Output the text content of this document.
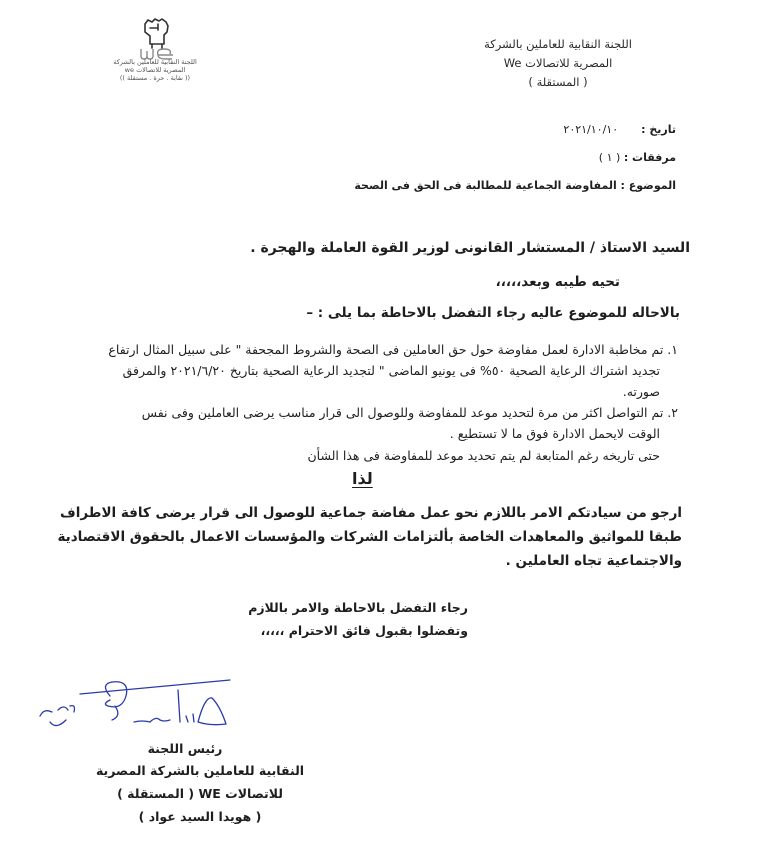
اللجنة النقابية للعاملين بالشركة
المصرية للاتصالات We
( المستقلة )
اللجنة النقابية للعاملين بالشركة
المصرية للاتصالات we
(( نقابة . حرة . مستقلة ))
تاريخ :  ٢٠٢١/١٠/١٠
مرفقات : ( ١ )
الموضوع : المفاوضة الجماعية للمطالبة فى الحق فى الصحة
السيد الاستاذ / المستشار القانونى لوزير القوة العاملة والهجرة .
تحيه طيبه وبعد،،،،،
بالاحاله للموضوع عاليه رجاء التفضل بالاحاطة بما يلى : –
١. تم مخاطبة الادارة لعمل مفاوضة حول حق العاملين فى الصحة والشروط المجحفة " على سبيل المثال ارتفاع
تجديد اشتراك الرعاية الصحية ٥٠% فى يونيو الماضى " لتجديد الرعاية الصحية بتاريخ ٢٠٢١/٦/٢٠ والمرفق
صورته.
٢. تم التواصل اكثر من مرة لتحديد موعد للمفاوضة وللوصول الى قرار مناسب يرضى العاملين وفى نفس
الوقت لايحمل الادارة فوق ما لا تستطيع .
حتى تاريخه رغم المتابعة لم يتم تحديد موعد للمفاوضة فى هذا الشأن
لذا
ارجو من سيادتكم الامر باللازم نحو عمل مفاضة جماعية للوصول الى قرار يرضى كافة الاطراف
طبقا للمواثيق والمعاهدات الخاصة بألتزامات الشركات والمؤسسات الاعمال بالحقوق الاقتصادية
والاجتماعية تجاه العاملين .
رجاء التفضل بالاحاطة والامر باللازم
وتفضلوا بقبول فائق الاحترام ،،،،،
رئيس اللجنة
النقابية للعاملين بالشركة المصرية
للاتصالات WE ( المستقلة )
( هويدا السيد عواد )
